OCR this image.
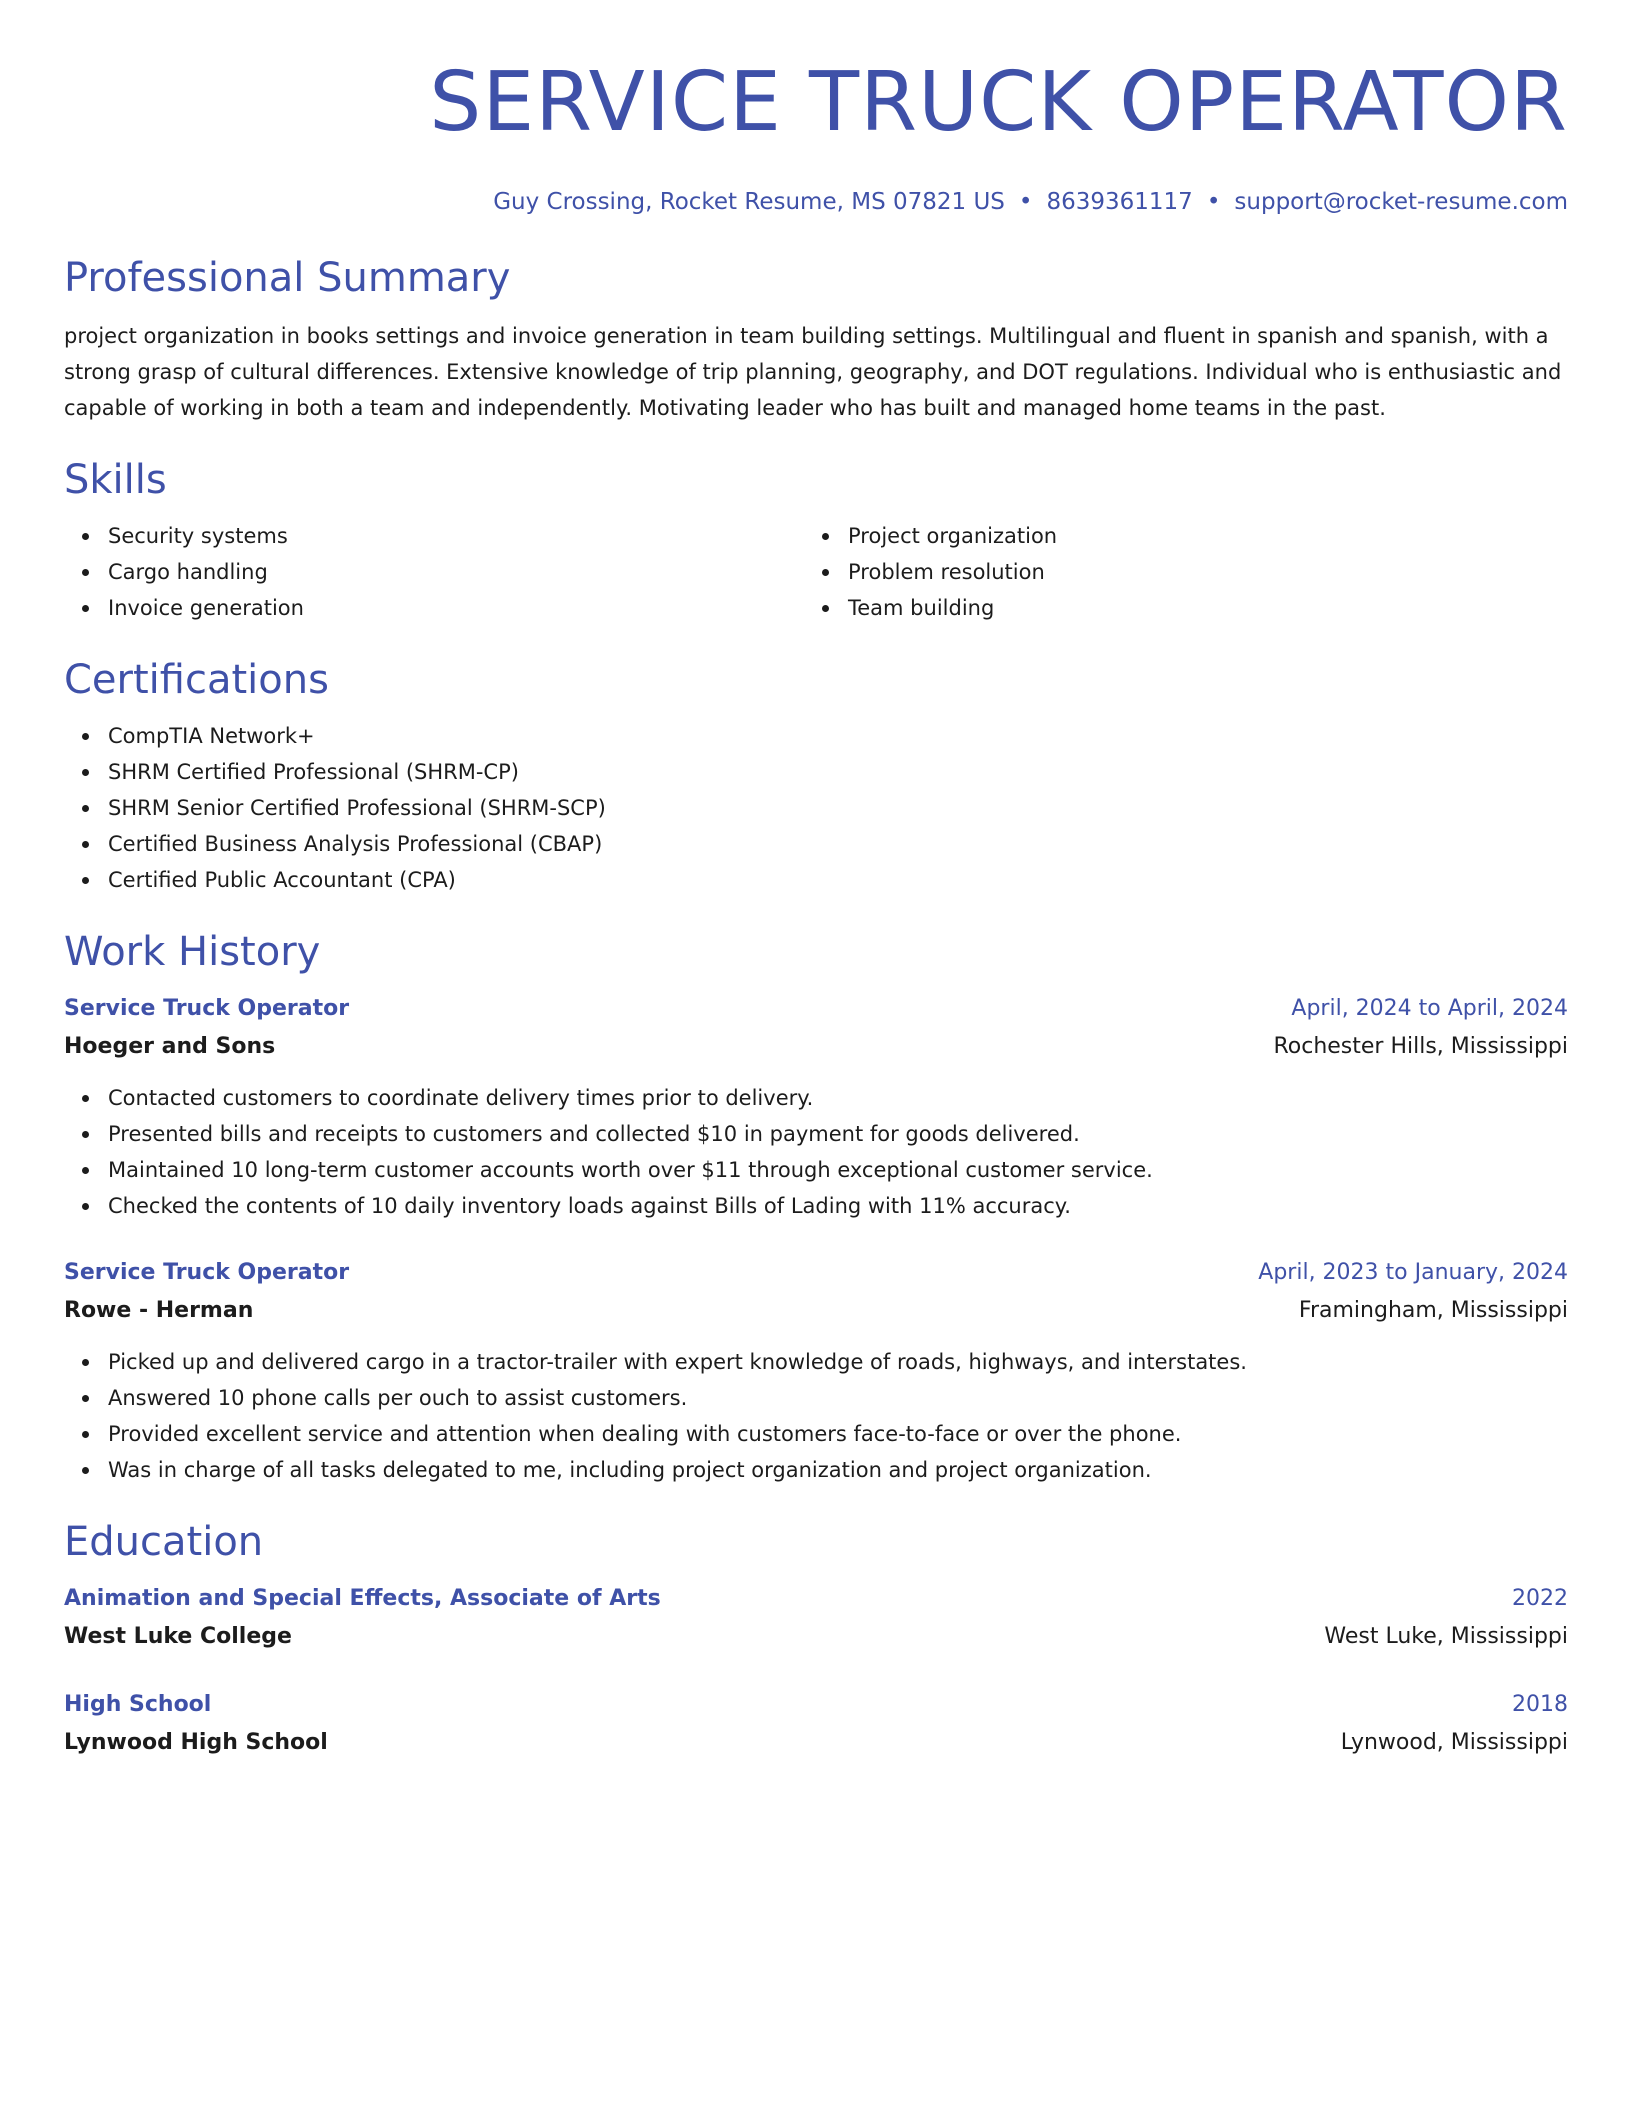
SERVICE TRUCK OPERATOR
Guy Crossing, Rocket Resume, MS 07821 US • 8639361117 • support@rocket-resume.com
Professional Summary

project organization in books settings and invoice generation in team building settings. Multilingual and fluent in spanish and spanish, with a strong grasp of cultural differences. Extensive knowledge of trip planning, geography, and DOT regulations. Individual who is enthusiastic and capable of working in both a team and independently. Motivating leader who has built and managed home teams in the past.

Skills
Security systems
Cargo handling
Invoice generation
Project organization
Problem resolution
Team building
Certifications
CompTIA Network+
SHRM Certified Professional (SHRM-CP)
SHRM Senior Certified Professional (SHRM-SCP)
Certified Business Analysis Professional (CBAP)
Certified Public Accountant (CPA)
Work History
Service Truck Operator	April, 2024 to April, 2024
Hoeger and Sons	Rochester Hills, Mississippi
Contacted customers to coordinate delivery times prior to delivery.
Presented bills and receipts to customers and collected $10 in payment for goods delivered.
Maintained 10 long-term customer accounts worth over $11 through exceptional customer service.
Checked the contents of 10 daily inventory loads against Bills of Lading with 11% accuracy.
Service Truck Operator	April, 2023 to January, 2024
Rowe - Herman	Framingham, Mississippi
Picked up and delivered cargo in a tractor-trailer with expert knowledge of roads, highways, and interstates.
Answered 10 phone calls per ouch to assist customers.
Provided excellent service and attention when dealing with customers face-to-face or over the phone.
Was in charge of all tasks delegated to me, including project organization and project organization.
Education
Animation and Special Effects, Associate of Arts	2022
West Luke College	West Luke, Mississippi
High School	2018
Lynwood High School	Lynwood, Mississippi
